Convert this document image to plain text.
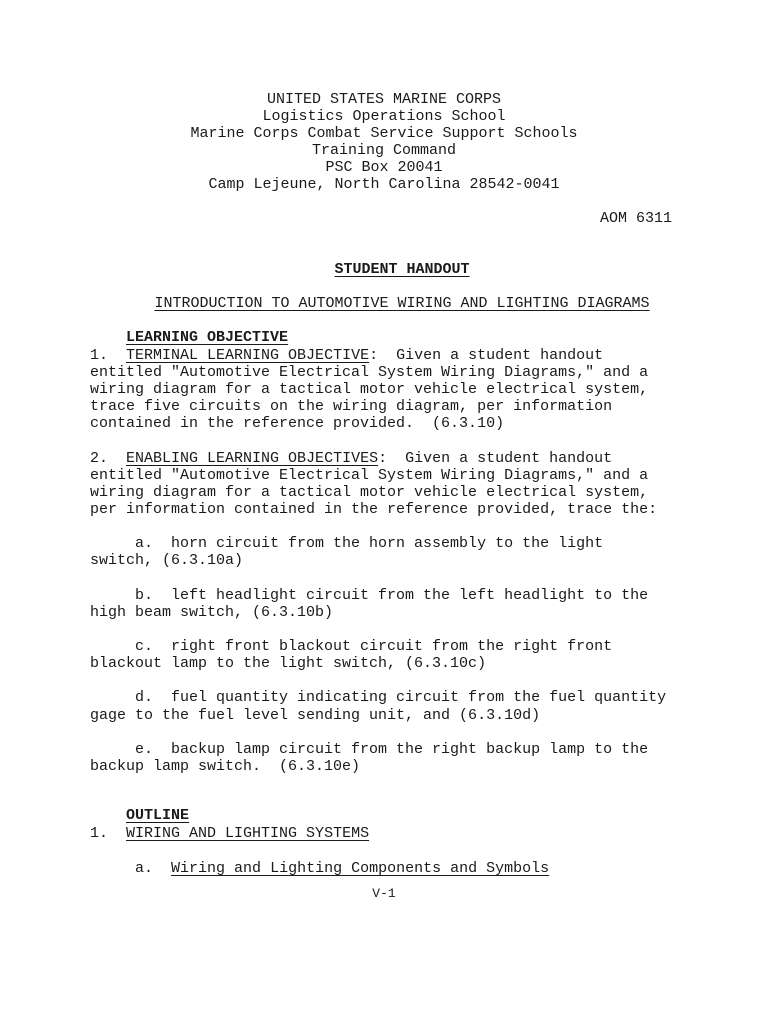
UNITED STATES MARINE CORPS
Logistics Operations School
Marine Corps Combat Service Support Schools
Training Command
PSC Box 20041
Camp Lejeune, North Carolina 28542-0041
AOM 6311

STUDENT HANDOUT

INTRODUCTION TO AUTOMOTIVE WIRING AND LIGHTING DIAGRAMS

LEARNING OBJECTIVE

1. TERMINAL LEARNING OBJECTIVE:  Given a student handout
entitled "Automotive Electrical System Wiring Diagrams," and a
wiring diagram for a tactical motor vehicle electrical system,
trace five circuits on the wiring diagram, per information
contained in the reference provided.  (6.3.10)
2. ENABLING LEARNING OBJECTIVES:  Given a student handout
entitled "Automotive Electrical System Wiring Diagrams," and a
wiring diagram for a tactical motor vehicle electrical system,
per information contained in the reference provided, trace the:
a.  horn circuit from the horn assembly to the light
switch, (6.3.10a)
b.  left headlight circuit from the left headlight to the
high beam switch, (6.3.10b)
c.  right front blackout circuit from the right front
blackout lamp to the light switch, (6.3.10c)
d.  fuel quantity indicating circuit from the fuel quantity
gage to the fuel level sending unit, and (6.3.10d)
e.  backup lamp circuit from the right backup lamp to the
backup lamp switch.  (6.3.10e)

OUTLINE

1. WIRING AND LIGHTING SYSTEMS
a. Wiring and Lighting Components and Symbols
V-1
